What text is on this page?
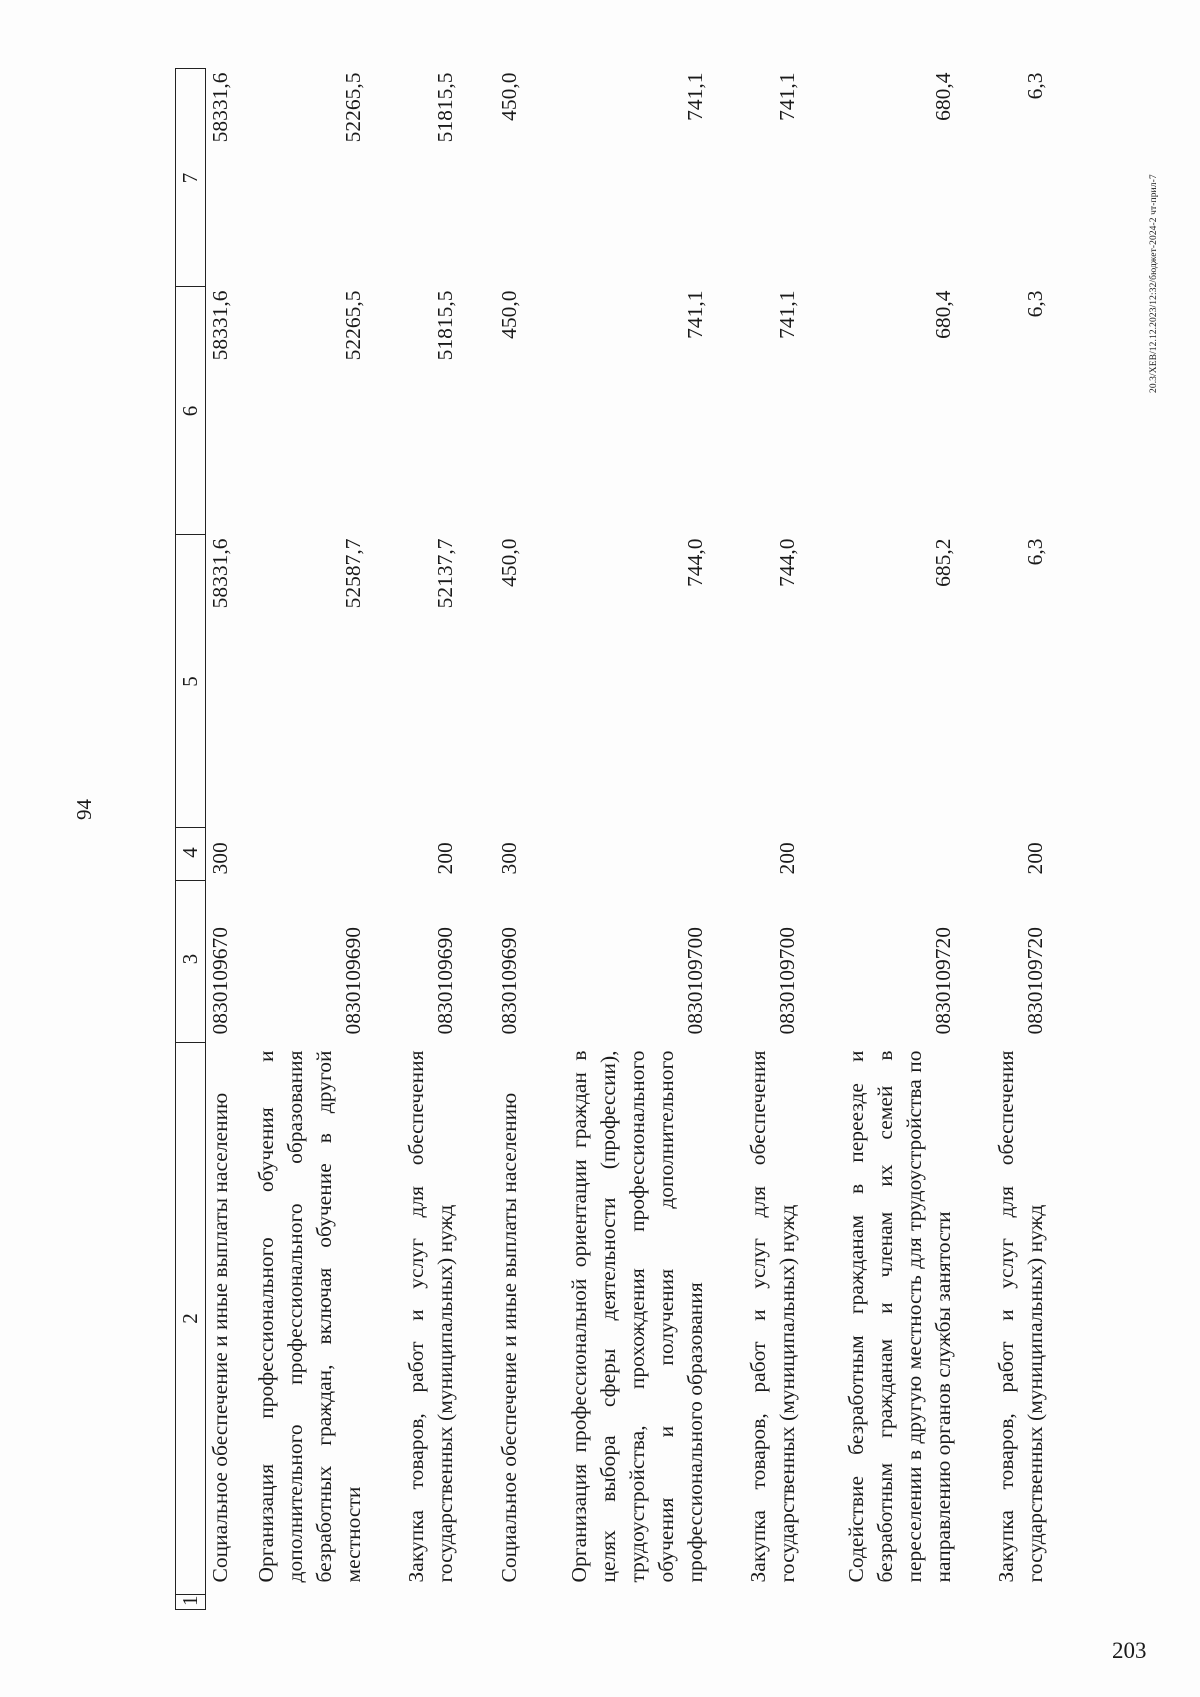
94
1	2	3	4	5	6	7
	Социальное обеспечение и иные выплаты населению	0830109670	300	58331,6	58331,6	58331,6
	Организация профессионального обучения и дополнительного профессионального образования безработных граждан, включая обучение в другой местности	0830109690		52587,7	52265,5	52265,5
	Закупка товаров, работ и услуг для обеспечения государственных (муниципальных) нужд	0830109690	200	52137,7	51815,5	51815,5
	Социальное обеспечение и иные выплаты населению	0830109690	300	450,0	450,0	450,0
	Организация профессиональной ориентации граждан в целях выбора сферы деятельности (профессии), трудоустройства, прохождения профессионального обучения и получения дополнительного профессионального образования	0830109700		744,0	741,1	741,1
	Закупка товаров, работ и услуг для обеспечения государственных (муниципальных) нужд	0830109700	200	744,0	741,1	741,1
	Содействие безработным гражданам в переезде и безработным гражданам и членам их семей в переселении в другую местность для трудоустройства по направлению органов службы занятости	0830109720		685,2	680,4	680,4
	Закупка товаров, работ и услуг для обеспечения государственных (муниципальных) нужд	0830109720	200	6,3	6,3	6,3
20.3/XEB/12.12.2023/12:32/бюджет-2024-2 чт-прил-7
203
